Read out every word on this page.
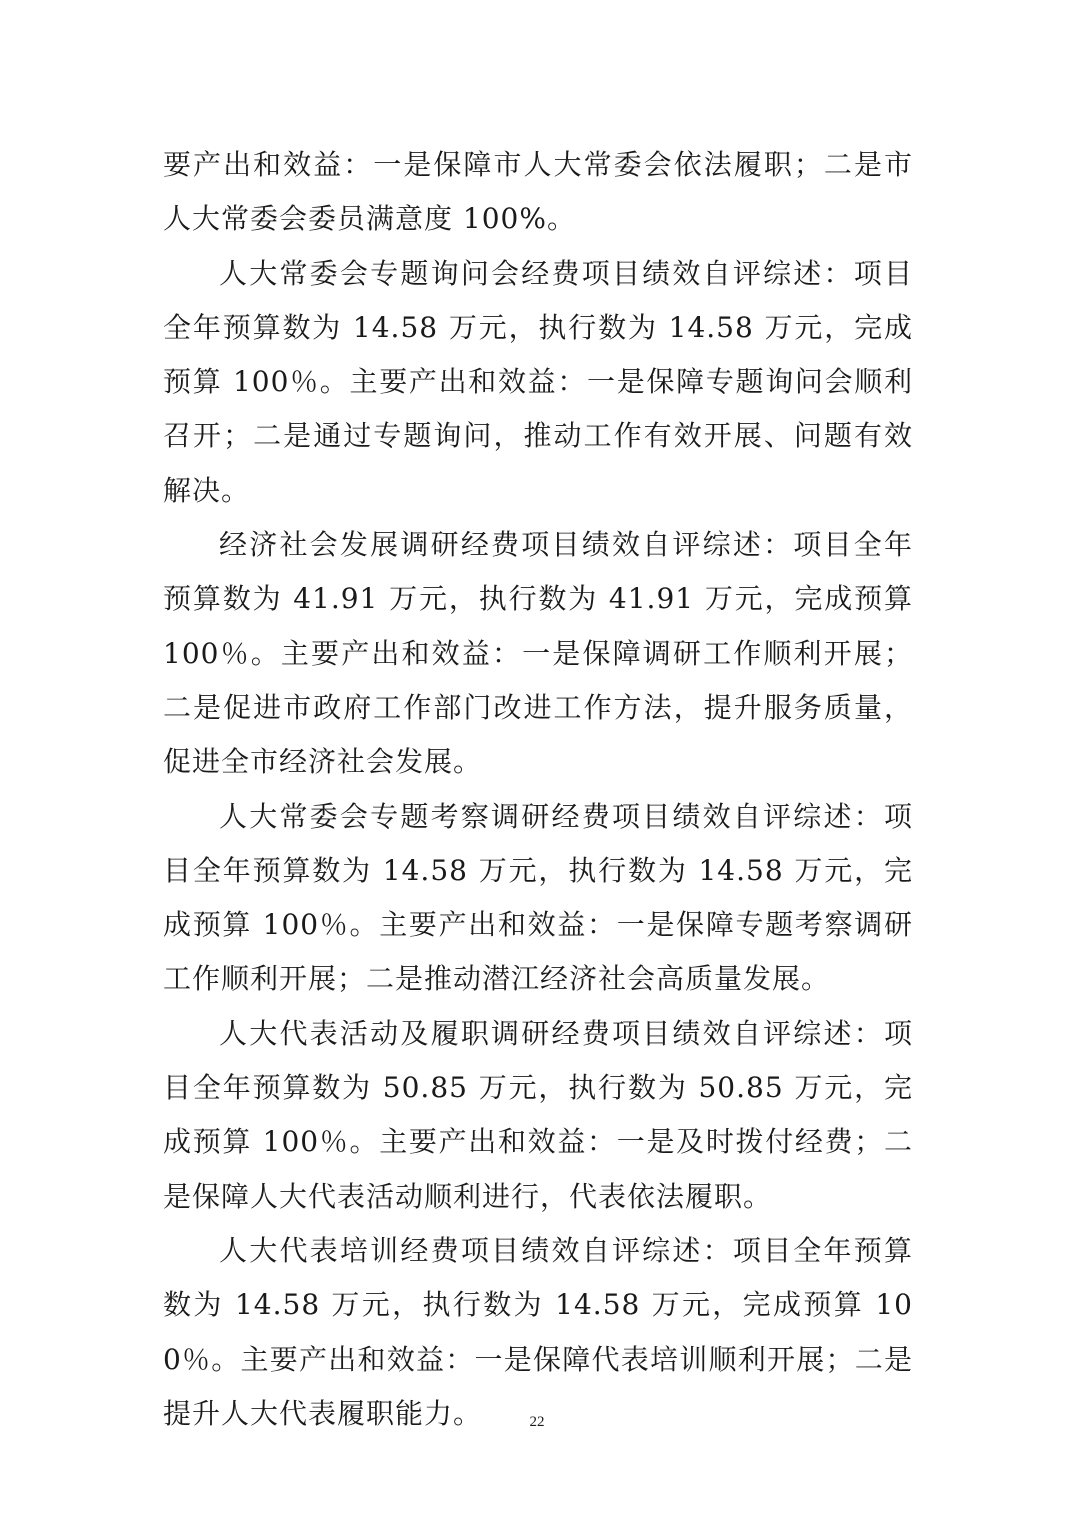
要产出和效益：一是保障市人大常委会依法履职；二是市人大常委会委员满意度 100%。

人大常委会专题询问会经费项目绩效自评综述：项目全年预算数为 14.58 万元，执行数为 14.58 万元，完成预算 100％。主要产出和效益：一是保障专题询问会顺利召开；二是通过专题询问，推动工作有效开展、问题有效解决。

经济社会发展调研经费项目绩效自评综述：项目全年预算数为 41.91 万元，执行数为 41.91 万元，完成预算 100％。主要产出和效益：一是保障调研工作顺利开展；二是促进市政府工作部门改进工作方法，提升服务质量，促进全市经济社会发展。

人大常委会专题考察调研经费项目绩效自评综述：项目全年预算数为 14.58 万元，执行数为 14.58 万元，完成预算 100％。主要产出和效益：一是保障专题考察调研工作顺利开展；二是推动潜江经济社会高质量发展。

人大代表活动及履职调研经费项目绩效自评综述：项目全年预算数为 50.85 万元，执行数为 50.85 万元，完成预算 100％。主要产出和效益：一是及时拨付经费；二是保障人大代表活动顺利进行，代表依法履职。

人大代表培训经费项目绩效自评综述：项目全年预算数为 14.58 万元，执行数为 14.58 万元，完成预算 100％。主要产出和效益：一是保障代表培训顺利开展；二是提升人大代表履职能力。	22
